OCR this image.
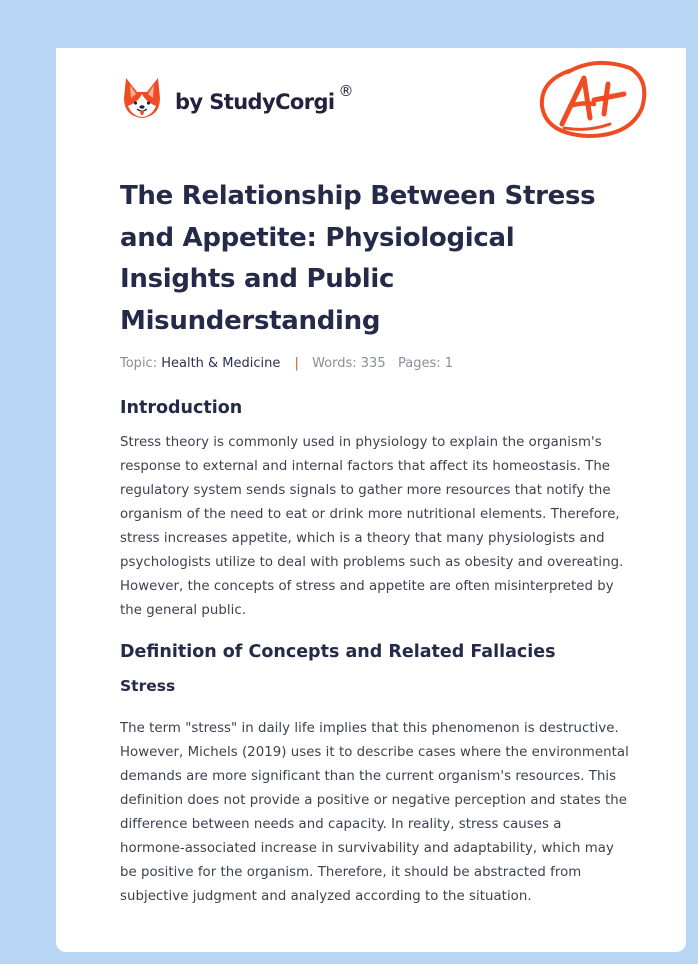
by StudyCorgi ®
The Relationship Between Stress and Appetite: Physiological Insights and Public Misunderstanding
Topic: Health & Medicine | Words: 335 Pages: 1
Introduction

Stress theory is commonly used in physiology to explain the organism's response to external and internal factors that affect its homeostasis. The regulatory system sends signals to gather more resources that notify the organism of the need to eat or drink more nutritional elements. Therefore, stress increases appetite, which is a theory that many physiologists and psychologists utilize to deal with problems such as obesity and overeating. However, the concepts of stress and appetite are often misinterpreted by the general public.

Definition of Concepts and Related Fallacies
Stress

The term "stress" in daily life implies that this phenomenon is destructive. However, Michels (2019) uses it to describe cases where the environmental demands are more significant than the current organism's resources. This definition does not provide a positive or negative perception and states the difference between needs and capacity. In reality, stress causes a hormone-associated increase in survivability and adaptability, which may be positive for the organism. Therefore, it should be abstracted from subjective judgment and analyzed according to the situation.
